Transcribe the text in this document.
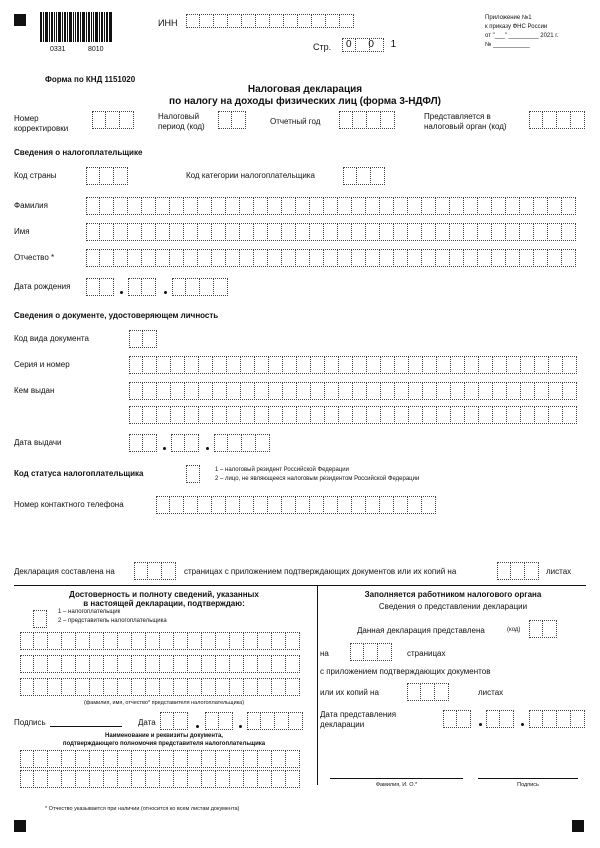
0331	8010
ИНН
Стр. 0 0 1
Приложение №1
к приказу ФНС России
от "___" _________ 2021 г.
№ ___________
Форма по КНД 1151020
Налоговая декларация
по налогу на доходы физических лиц (форма 3-НДФЛ)
Номер
корректировки
Налоговый
период (код)
Отчетный год
Представляется в
налоговый орган (код)
Сведения о налогоплательщике
Код страны	Код категории налогоплательщика
Фамилия
Имя
Отчество *
Дата рождения
Сведения о документе, удостоверяющем личность
Код вида документа
Серия и номер
Кем выдан
Дата выдачи
Код статуса налогоплательщика	1 – налоговый резидент Российской Федерации
2 – лицо, не являющееся налоговым резидентом Российской Федерации
Номер контактного телефона
Декларация составлена на	страницах с приложением подтверждающих документов или их копий на	листах
Достоверность и полноту сведений, указанных
в настоящей декларации, подтверждаю:
1 – налогоплательщик
2 – представитель налогоплательщика
(фамилия, имя, отчество* представителя налогоплательщика)
Подпись	Дата
Наименование и реквизиты документа,
подтверждающего полномочия представителя налогоплательщика
Заполняется работником налогового органа
Сведения о представлении декларации
Данная декларация представлена	(код)
на	страницах
с приложением подтверждающих документов
или их копий на	листах
Дата представления
декларации
Фамилия, И. О.*	Подпись
* Отчество указывается при наличии (относится ко всем листам документа)
